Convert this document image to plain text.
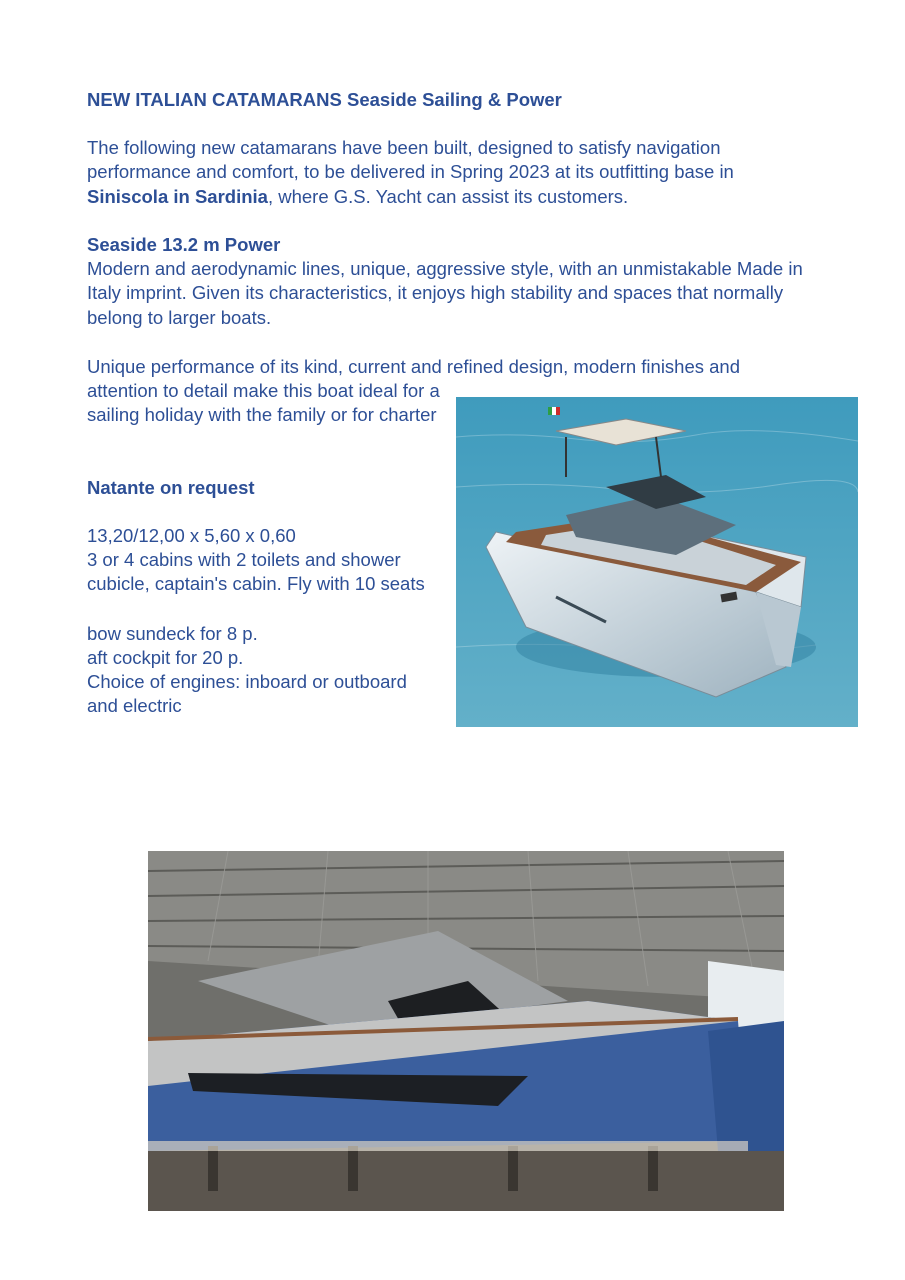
NEW ITALIAN CATAMARANS Seaside Sailing & Power

The following new catamarans have been built, designed to satisfy navigation performance and comfort, to be delivered in Spring 2023 at its outfitting base in Siniscola in Sardinia, where G.S. Yacht can assist its customers.

Seaside 13.2 m Power

Modern and aerodynamic lines, unique, aggressive style, with an unmistakable Made in Italy imprint. Given its characteristics, it enjoys high stability and spaces that normally belong to larger boats.

Unique performance of its kind, current and refined design, modern finishes and

attention to detail make this boat ideal for a sailing holiday with the family or for charter

Natante on request

13,20/12,00 x 5,60 x 0,60

3 or 4 cabins with 2 toilets and shower cubicle, captain's cabin. Fly with 10 seats

bow sundeck for 8 p.

aft cockpit for 20 p.

Choice of engines: inboard or outboard and electric
